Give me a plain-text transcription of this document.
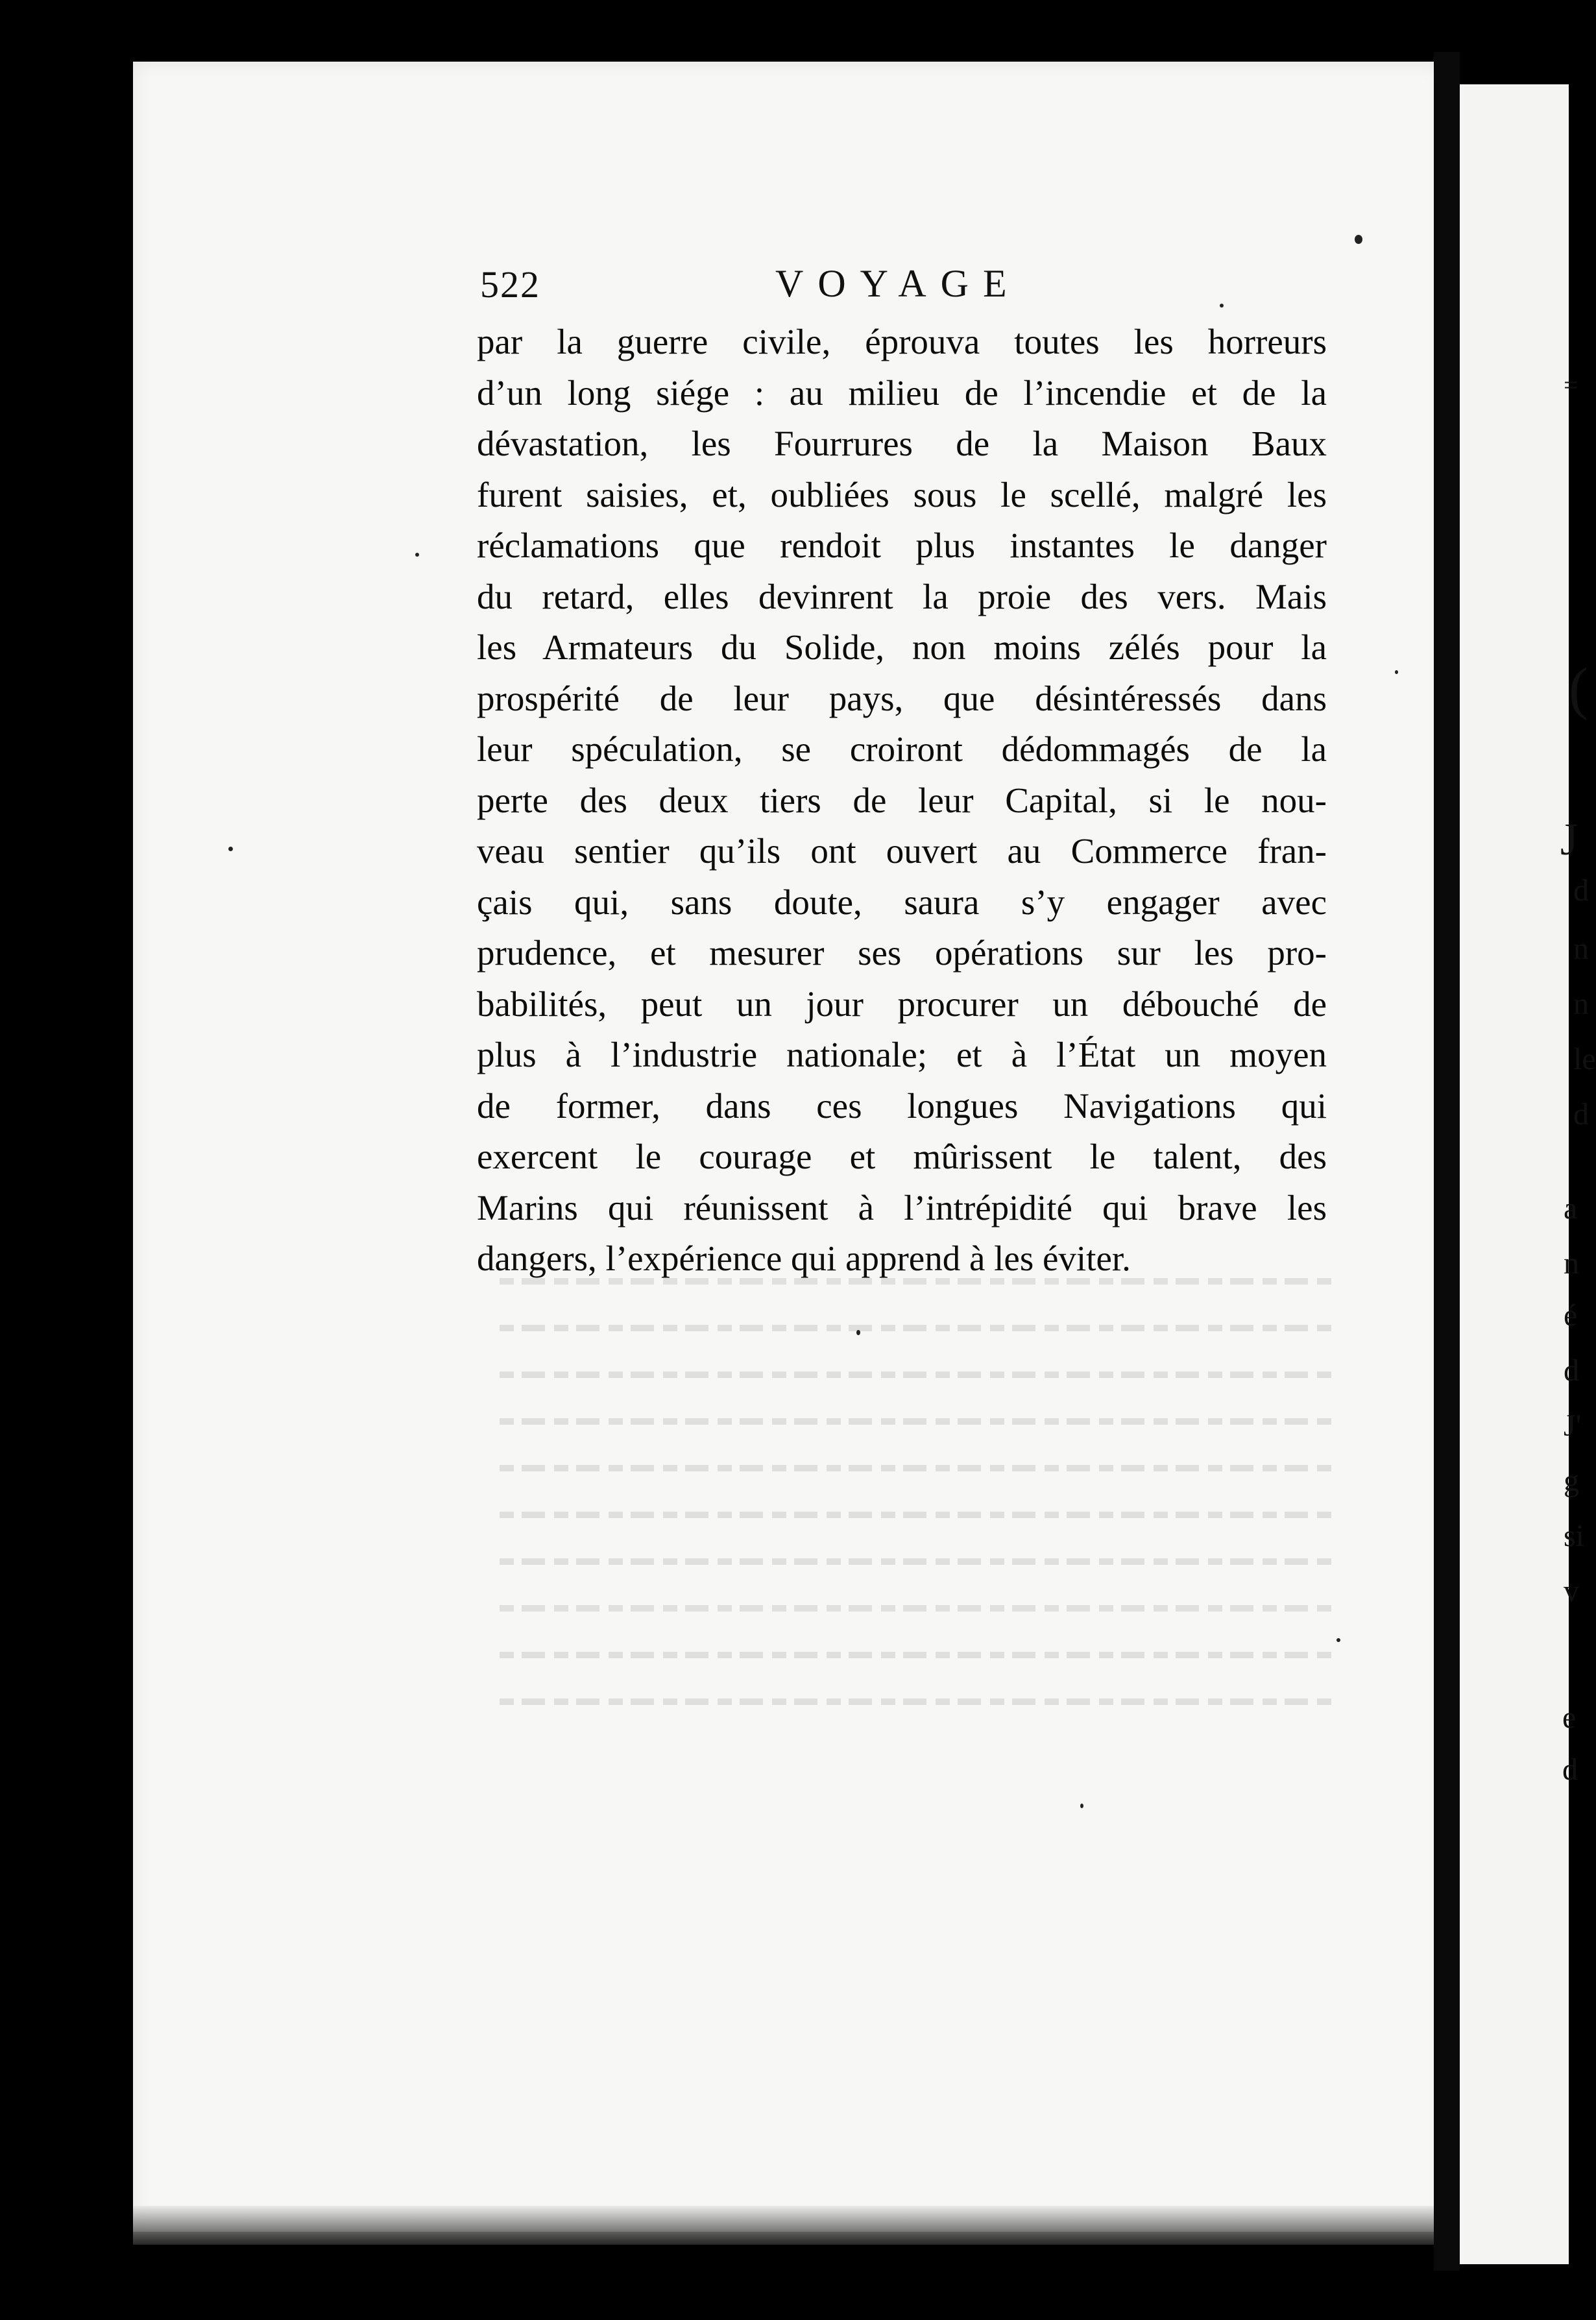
522	VOYAGE
par la guerre civile, éprouva toutes les horreurs
d’un long siége : au milieu de l’incendie et de la
dévastation, les Fourrures de la Maison Baux
furent saisies, et, oubliées sous le scellé, malgré les
réclamations que rendoit plus instantes le danger
du retard, elles devinrent la proie des vers. Mais
les Armateurs du Solide, non moins zélés pour la
prospérité de leur pays, que désintéressés dans
leur spéculation, se croiront dédommagés de la
perte des deux tiers de leur Capital, si le nou-
veau sentier qu’ils ont ouvert au Commerce fran-
çais qui, sans doute, saura s’y engager avec
prudence, et mesurer ses opérations sur les pro-
babilités, peut un jour procurer un débouché de
plus à l’industrie nationale; et à l’État un moyen
de former, dans ces longues Navigations qui
exercent le courage et mûrissent le talent, des
Marins qui réunissent à l’intrépidité qui brave les
dangers, l’expérience qui apprend à les éviter.
=
(
J
d
n
n
le
d
a
n
é
d
J'
g
si
v
e
d
